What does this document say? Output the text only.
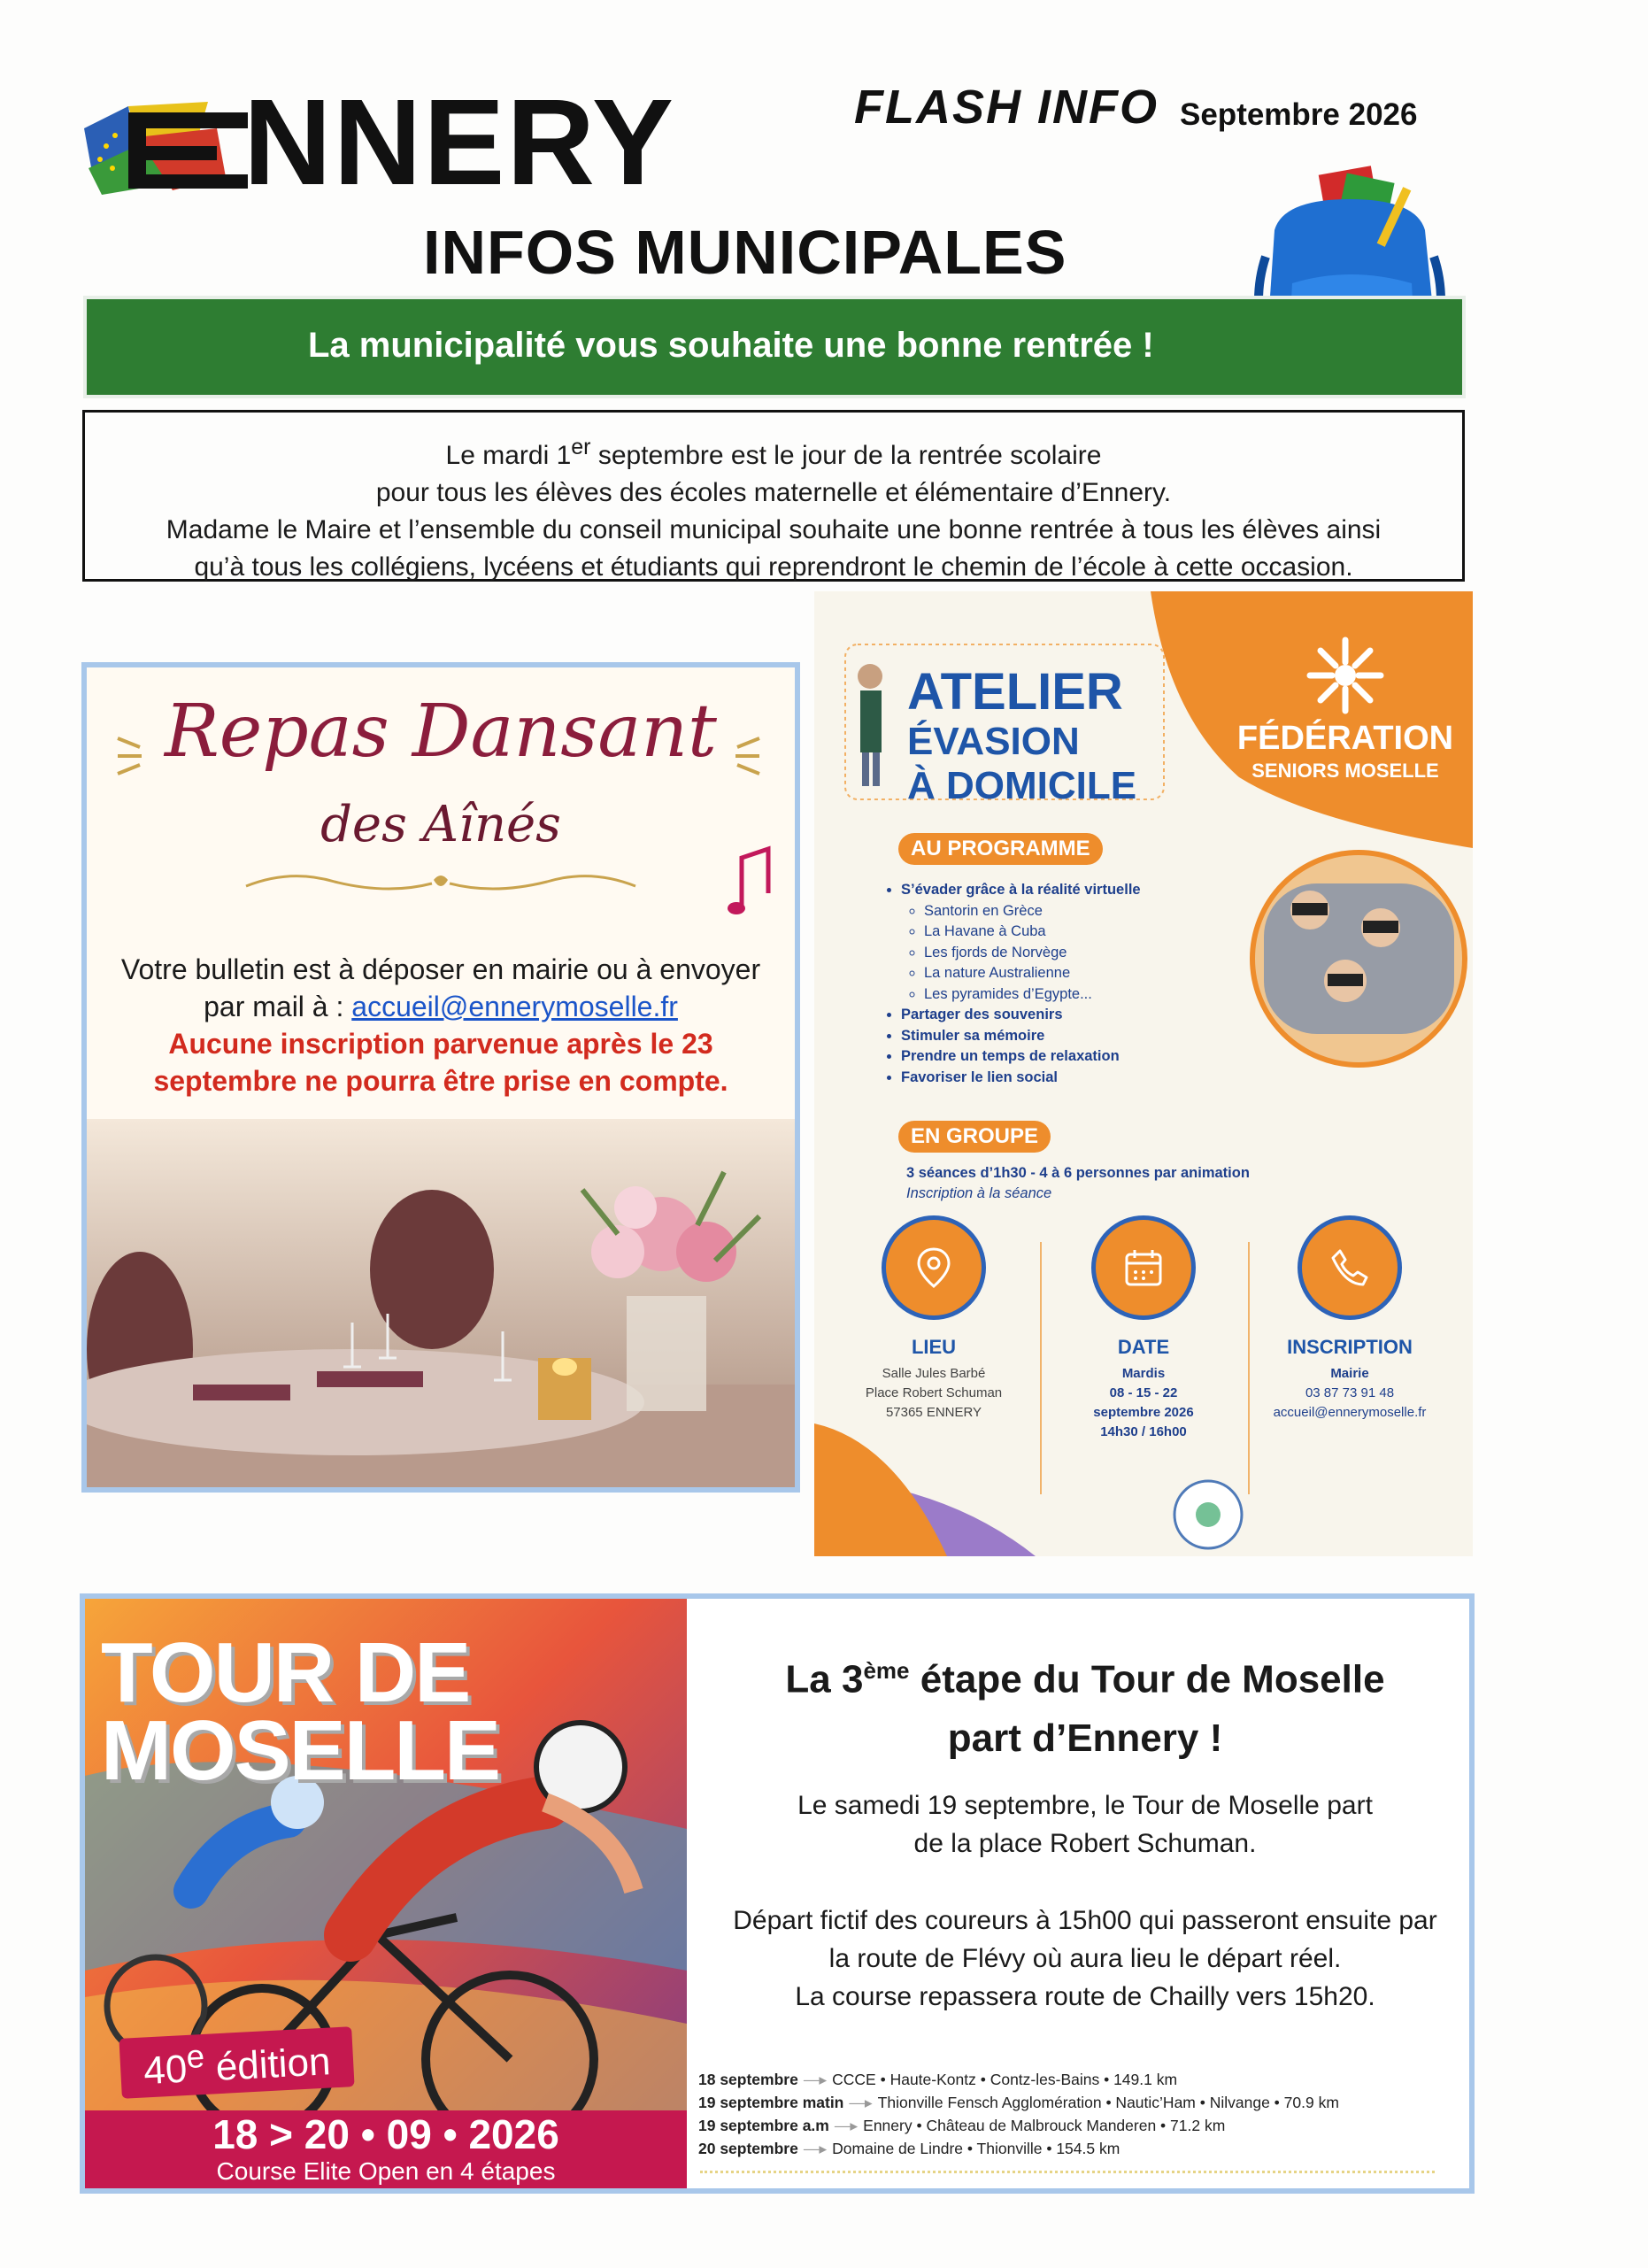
NNERY	FLASH INFO Septembre 2026
INFOS MUNICIPALES
La municipalité vous souhaite une bonne rentrée !

Le mardi 1er septembre est le jour de la rentrée scolaire

pour tous les élèves des écoles maternelle et élémentaire d’Ennery.

Madame le Maire et l’ensemble du conseil municipal souhaite une bonne rentrée à tous les élèves ainsi

qu’à tous les collégiens, lycéens et étudiants qui reprendront le chemin de l’école à cette occasion.

Repas Dansant
des Aînés
Votre bulletin est à déposer en mairie ou à envoyer
par mail à : accueil@ennerymoselle.fr
Aucune inscription parvenue après le 23
septembre ne pourra être prise en compte.
ATELIER
ÉVASION
À DOMICILE
FÉDÉRATION
SENIORS MOSELLE
AU PROGRAMME
• S’évader grâce à la réalité virtuelle
◦ Santorin en Grèce
◦ La Havane à Cuba
◦ Les fjords de Norvège
◦ La nature Australienne
◦ Les pyramides d’Egypte...
• Partager des souvenirs
• Stimuler sa mémoire
• Prendre un temps de relaxation
• Favoriser le lien social
EN GROUPE
3 séances d’1h30 - 4 à 6 personnes par animation
Inscription à la séance
LIEU
Salle Jules Barbé
Place Robert Schuman
57365 ENNERY
DATE
Mardis
08 - 15 - 22
septembre 2026
14h30 / 16h00
INSCRIPTION
Mairie
03 87 73 91 48
accueil@ennerymoselle.fr
TOUR DE
MOSELLE
40e édition
18 > 20 • 09 • 2026
Course Elite Open en 4 étapes
La 3ème étape du Tour de Moselle
part d’Ennery !
Le samedi 19 septembre, le Tour de Moselle part
de la place Robert Schuman.
Départ fictif des coureurs à 15h00 qui passeront ensuite par
la route de Flévy où aura lieu le départ réel.
La course repassera route de Chailly vers 15h20.
18 septembre —▸ CCCE • Haute-Kontz • Contz-les-Bains • 149.1 km
19 septembre matin —▸ Thionville Fensch Agglomération • Nautic’Ham • Nilvange • 70.9 km
19 septembre a.m —▸ Ennery • Château de Malbrouck Manderen • 71.2 km
20 septembre —▸ Domaine de Lindre • Thionville • 154.5 km
